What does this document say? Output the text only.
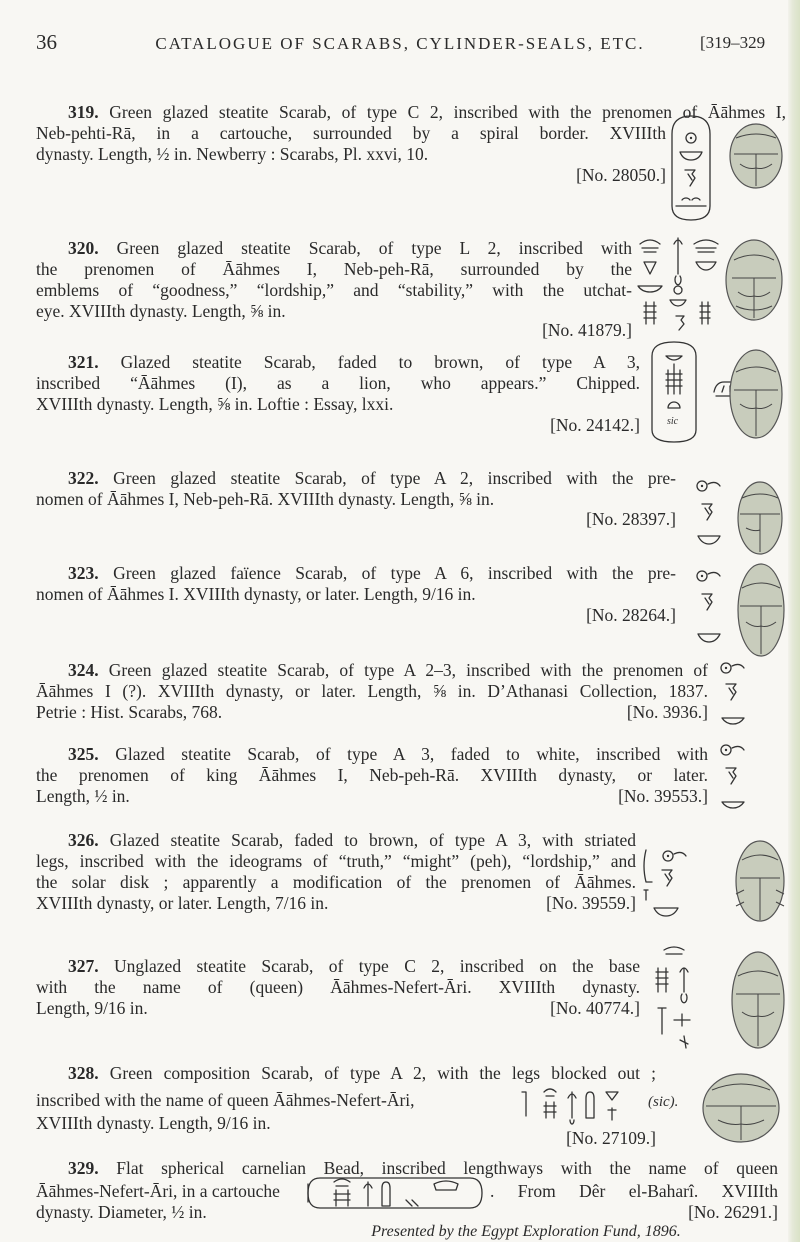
36	CATALOGUE OF SCARABS, CYLINDER-SEALS, ETC.	[319–329
319. Green glazed steatite Scarab, of type C 2, inscribed with the prenomen of Āāhmes I,
Neb-pehti-Rā, in a cartouche, surrounded by a spiral border. XVIIIth
dynasty. Length, ½ in. Newberry : Scarabs, Pl. xxvi, 10.
[No. 28050.]
320. Green glazed steatite Scarab, of type L 2, inscribed with
the prenomen of Āāhmes I, Neb-peh-Rā, surrounded by the
emblems of “goodness,” “lordship,” and “stability,” with the utchat-
eye. XVIIIth dynasty. Length, ⅝ in.
[No. 41879.]
321. Glazed steatite Scarab, faded to brown, of type A 3,
inscribed “Āāhmes (I), as a lion, who appears.” Chipped.
XVIIIth dynasty. Length, ⅝ in. Loftie : Essay, lxxi.
[No. 24142.]	sic
322. Green glazed steatite Scarab, of type A 2, inscribed with the pre-
nomen of Āāhmes I, Neb-peh-Rā. XVIIIth dynasty. Length, ⅝ in.
[No. 28397.]
323. Green glazed faïence Scarab, of type A 6, inscribed with the pre-
nomen of Āāhmes I. XVIIIth dynasty, or later. Length, 9/16 in.
[No. 28264.]
324. Green glazed steatite Scarab, of type A 2–3, inscribed with the prenomen of
Āāhmes I (?). XVIIIth dynasty, or later. Length, ⅝ in. D’Athanasi Collection, 1837.
Petrie : Hist. Scarabs, 768.	[No. 3936.]
325. Glazed steatite Scarab, of type A 3, faded to white, inscribed with
the prenomen of king Āāhmes I, Neb-peh-Rā. XVIIIth dynasty, or later.
Length, ½ in.	[No. 39553.]
326. Glazed steatite Scarab, faded to brown, of type A 3, with striated
legs, inscribed with the ideograms of “truth,” “might” (peh), “lordship,” and
the solar disk ; apparently a modification of the prenomen of Āāhmes.
XVIIIth dynasty, or later. Length, 7/16 in.	[No. 39559.]
327. Unglazed steatite Scarab, of type C 2, inscribed on the base
with the name of (queen) Āāhmes-Nefert-Āri. XVIIIth dynasty.
Length, 9/16 in.	[No. 40774.]
328. Green composition Scarab, of type A 2, with the legs blocked out ;
inscribed with the name of queen Āāhmes-Nefert-Āri,
XVIIIth dynasty. Length, 9/16 in.
(sic).
[No. 27109.]
329. Flat spherical carnelian Bead, inscribed lengthways with the name of queen
Āāhmes-Nefert-Āri, in a cartouche	. From Dêr el-Baharî. XVIIIth
dynasty. Diameter, ½ in.	[No. 26291.]
Presented by the Egypt Exploration Fund, 1896.
